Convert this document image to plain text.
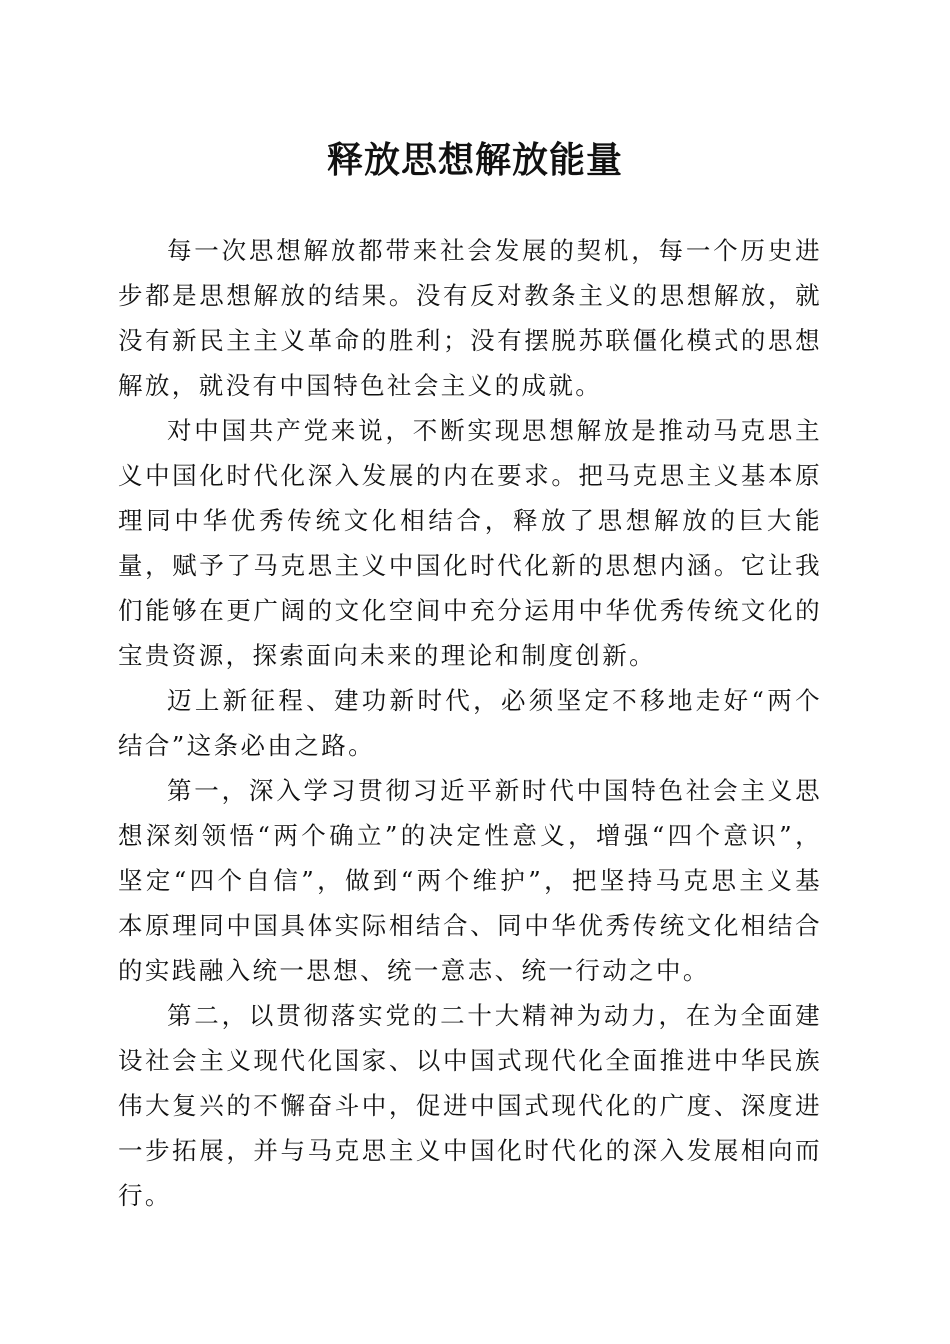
释放思想解放能量

每一次思想解放都带来社会发展的契机，每一个历史进步都是思想解放的结果。没有反对教条主义的思想解放，就没有新民主主义革命的胜利；没有摆脱苏联僵化模式的思想解放，就没有中国特色社会主义的成就。

对中国共产党来说，不断实现思想解放是推动马克思主义中国化时代化深入发展的内在要求。把马克思主义基本原理同中华优秀传统文化相结合，释放了思想解放的巨大能量，赋予了马克思主义中国化时代化新的思想内涵。它让我们能够在更广阔的文化空间中充分运用中华优秀传统文化的宝贵资源，探索面向未来的理论和制度创新。

迈上新征程、建功新时代，必须坚定不移地走好“两个结合”这条必由之路。

第一，深入学习贯彻习近平新时代中国特色社会主义思想深刻领悟“两个确立”的决定性意义，增强“四个意识”，坚定“四个自信”，做到“两个维护”，把坚持马克思主义基本原理同中国具体实际相结合、同中华优秀传统文化相结合的实践融入统一思想、统一意志、统一行动之中。

第二，以贯彻落实党的二十大精神为动力，在为全面建设社会主义现代化国家、以中国式现代化全面推进中华民族伟大复兴的不懈奋斗中，促进中国式现代化的广度、深度进一步拓展，并与马克思主义中国化时代化的深入发展相向而行。
